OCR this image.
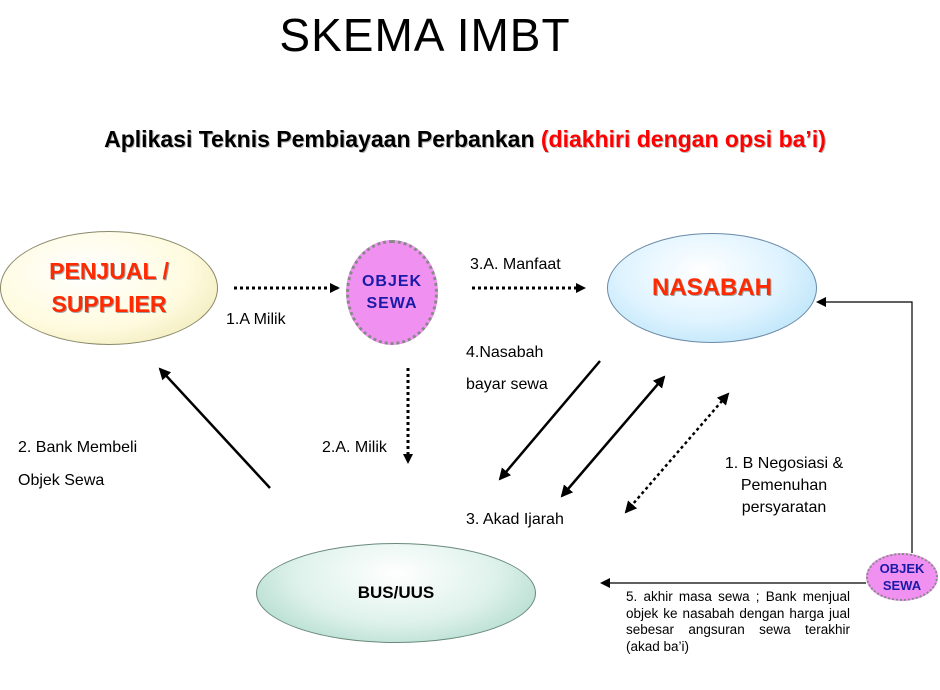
SKEMA IMBT
Aplikasi Teknis Pembiayaan Perbankan (diakhiri dengan opsi ba’i)
PENJUAL /
SUPPLIER
OBJEK
SEWA
NASABAH
BUS/UUS
OBJEK
SEWA
1.A Milik
3.A. Manfaat
4.Nasabah
bayar sewa
2. Bank Membeli
Objek Sewa
2.A. Milik
1. B Negosiasi &
Pemenuhan
persyaratan
3. Akad Ijarah
5. akhir masa sewa ; Bank menjual objek ke nasabah dengan harga jual sebesar angsuran sewa terakhir (akad ba’i)
